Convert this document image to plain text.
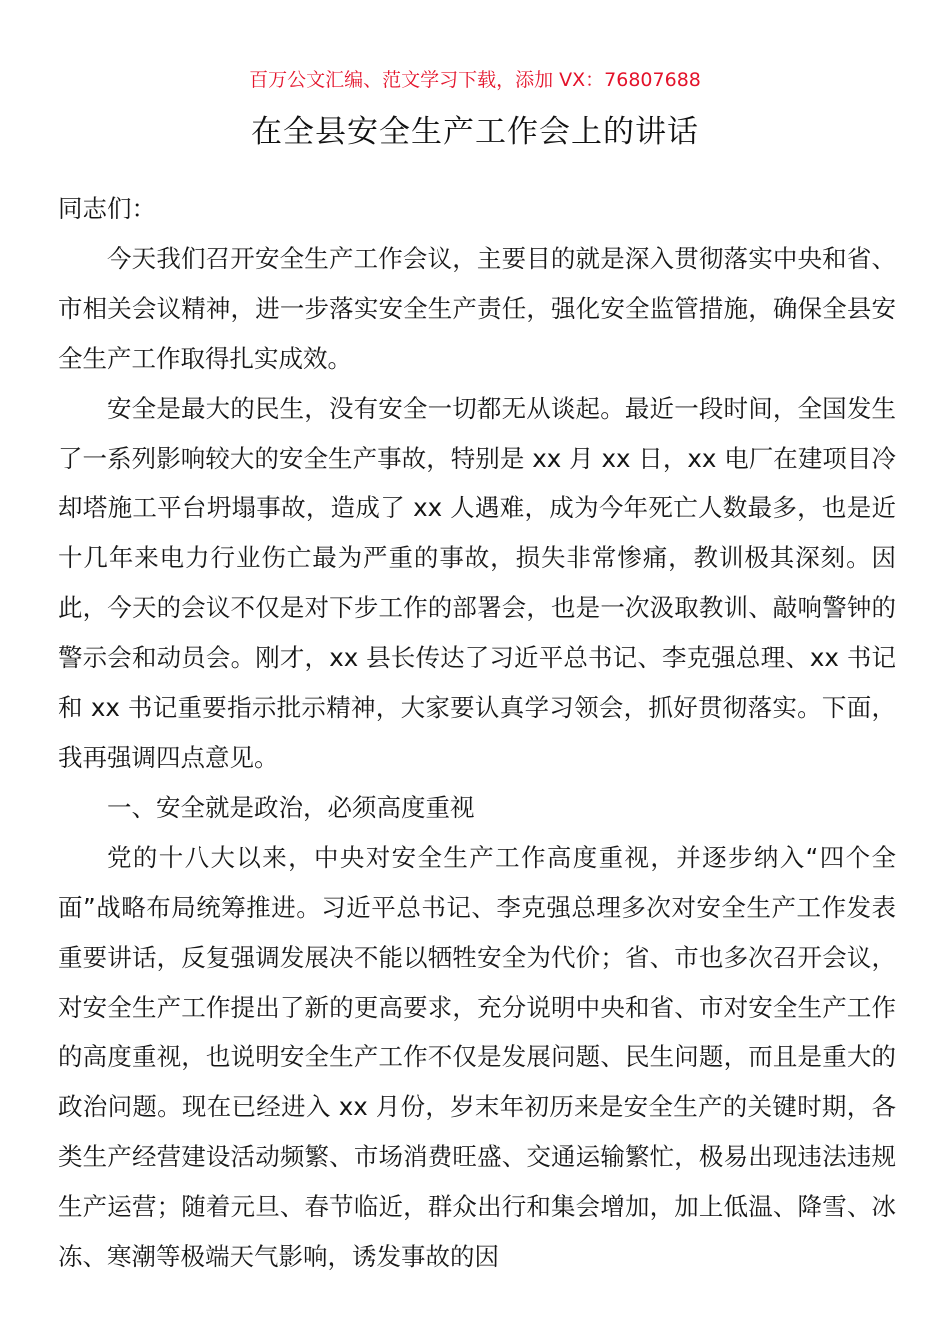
百万公文汇编、范文学习下载，添加 VX：76807688
在全县安全生产工作会上的讲话

同志们：

今天我们召开安全生产工作会议，主要目的就是深入贯彻落实中央和省、市相关会议精神，进一步落实安全生产责任，强化安全监管措施，确保全县安全生产工作取得扎实成效。

安全是最大的民生，没有安全一切都无从谈起。最近一段时间，全国发生了一系列影响较大的安全生产事故，特别是 xx 月 xx 日，xx 电厂在建项目冷却塔施工平台坍塌事故，造成了 xx 人遇难，成为今年死亡人数最多，也是近十几年来电力行业伤亡最为严重的事故，损失非常惨痛，教训极其深刻。因此，今天的会议不仅是对下步工作的部署会，也是一次汲取教训、敲响警钟的警示会和动员会。刚才，xx 县长传达了习近平总书记、李克强总理、xx 书记和 xx 书记重要指示批示精神，大家要认真学习领会，抓好贯彻落实。下面，我再强调四点意见。

一、安全就是政治，必须高度重视

党的十八大以来，中央对安全生产工作高度重视，并逐步纳入“四个全面”战略布局统筹推进。习近平总书记、李克强总理多次对安全生产工作发表重要讲话，反复强调发展决不能以牺牲安全为代价；省、市也多次召开会议，对安全生产工作提出了新的更高要求，充分说明中央和省、市对安全生产工作的高度重视，也说明安全生产工作不仅是发展问题、民生问题，而且是重大的政治问题。现在已经进入 xx 月份，岁末年初历来是安全生产的关键时期，各类生产经营建设活动频繁、市场消费旺盛、交通运输繁忙，极易出现违法违规生产运营；随着元旦、春节临近，群众出行和集会增加，加上低温、降雪、冰冻、寒潮等极端天气影响，诱发事故的因
